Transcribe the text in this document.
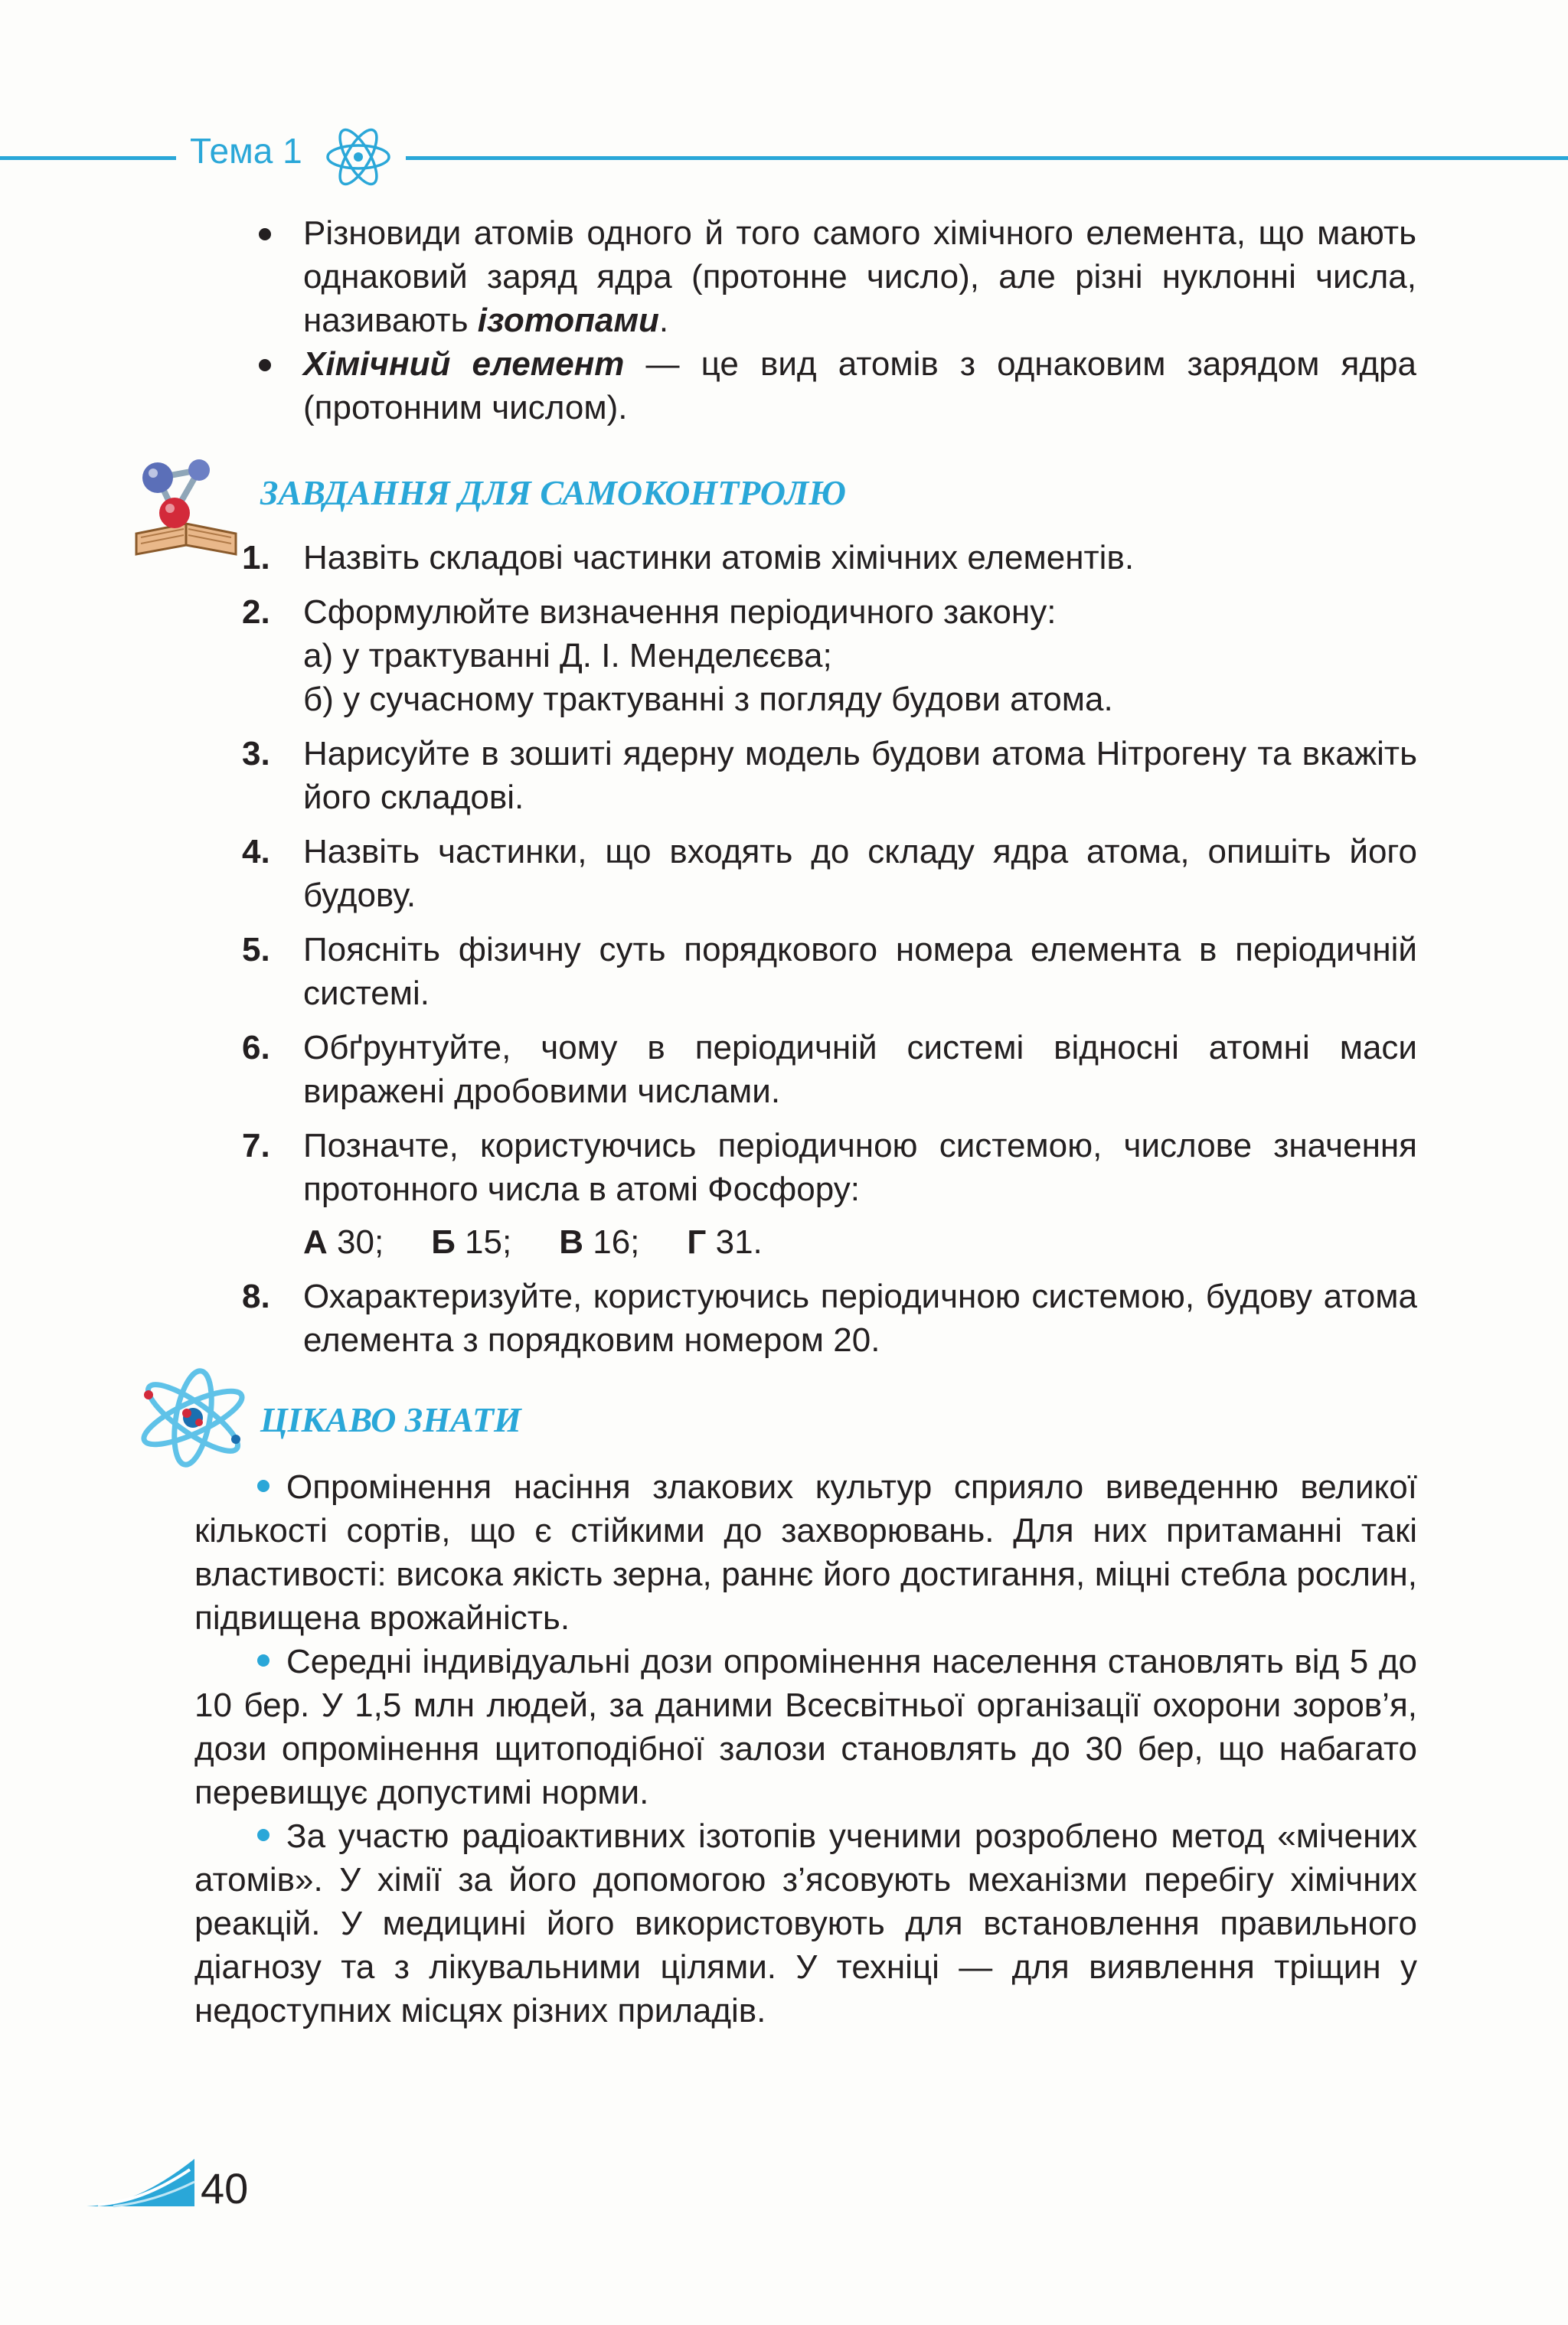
Тема 1
Різновиди атомів одного й того самого хімічного елемента, що мають однаковий заряд ядра (протонне число), але різні нуклонні числа, називають ізотопами.
Хімічний елемент — це вид атомів з однаковим зарядом ядра (протонним числом).
ЗАВДАННЯ ДЛЯ САМОКОНТРОЛЮ
1. Назвіть складові частинки атомів хімічних елементів.
2. Сформулюйте визначення періодичного закону:
а) у трактуванні Д. І. Менделєєва;
б) у сучасному трактуванні з погляду будови атома.
3. Нарисуйте в зошиті ядерну модель будови атома Нітрогену та вкажіть його складові.
4. Назвіть частинки, що входять до складу ядра атома, опишіть його будову.
5. Поясніть фізичну суть порядкового номера елемента в періодичній системі.
6. Обґрунтуйте, чому в періодичній системі відносні атомні маси виражені дробовими числами.
7. Позначте, користуючись періодичною системою, числове значення протонного числа в атомі Фосфору:
А 30; Б 15; В 16; Г 31.
8. Охарактеризуйте, користуючись періодичною системою, будову атома елемента з порядковим номером 20.
ЦІКАВО ЗНАТИ

Опромінення насіння злакових культур сприяло виведенню великої кількості сортів, що є стійкими до захворювань. Для них притаманні такі властивості: висока якість зерна, раннє його достигання, міцні стебла рослин, підвищена врожайність.

Середні індивідуальні дози опромінення населення становлять від 5 до 10 бер. У 1,5 млн людей, за даними Всесвітньої організації охорони зоров’я, дози опромінення щитоподібної залози становлять до 30 бер, що набагато перевищує допустимі норми.

За участю радіоактивних ізотопів ученими розроблено метод «мічених атомів». У хімії за його допомогою з’ясовують механізми перебігу хімічних реакцій. У медицині його використовують для встановлення правильного діагнозу та з лікувальними цілями. У техніці — для виявлення тріщин у недоступних місцях різних приладів.

40
